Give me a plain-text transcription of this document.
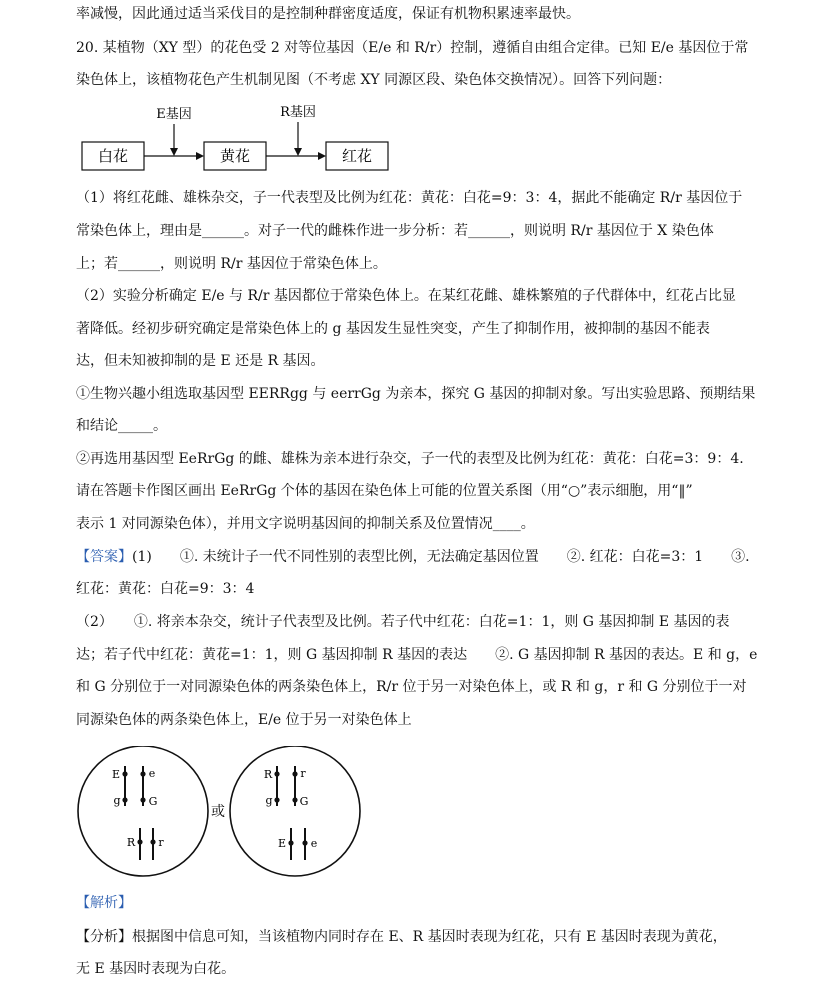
率减慢，因此通过适当采伐目的是控制种群密度适度，保证有机物积累速率最快。
20. 某植物（XY 型）的花色受 2 对等位基因（E/e 和 R/r）控制，遵循自由组合定律。已知 E/e 基因位于常
染色体上，该植物花色产生机制见图（不考虑 XY 同源区段、染色体交换情况）。回答下列问题：
E基因	R基因
白花	黄花	红花
（1）将红花雌、雄株杂交，子一代表型及比例为红花：黄花：白花=9：3：4，据此不能确定 R/r 基因位于
常染色体上，理由是______。对子一代的雌株作进一步分析：若______，则说明 R/r 基因位于 X 染色体
上；若______，则说明 R/r 基因位于常染色体上。
（2）实验分析确定 E/e 与 R/r 基因都位于常染色体上。在某红花雌、雄株繁殖的子代群体中，红花占比显
著降低。经初步研究确定是常染色体上的 g 基因发生显性突变，产生了抑制作用，被抑制的基因不能表
达，但未知被抑制的是 E 还是 R 基因。
①生物兴趣小组选取基因型 EERRgg 与 eerrGg 为亲本，探究 G 基因的抑制对象。写出实验思路、预期结果
和结论_____。
②再选用基因型 EeRrGg 的雌、雄株为亲本进行杂交，子一代的表型及比例为红花：黄花：白花=3：9：4.
请在答题卡作图区画出 EeRrGg 个体的基因在染色体上可能的位置关系图（用“○”表示细胞，用“‖”
表示 1 对同源染色体），并用文字说明基因间的抑制关系及位置情况____。
【答案】(1)　　①. 未统计子一代不同性别的表型比例，无法确定基因位置　　②. 红花：白花=3：1　　③.
红花：黄花：白花=9：3：4
（2）　　①. 将亲本杂交，统计子代表型及比例。若子代中红花：白花=1：1，则 G 基因抑制 E 基因的表
达；若子代中红花：黄花=1：1，则 G 基因抑制 R 基因的表达　　②. G 基因抑制 R 基因的表达。E 和 g，e
和 G 分别位于一对同源染色体的两条染色体上，R/r 位于另一对染色体上，或 R 和 g，r 和 G 分别位于一对
同源染色体的两条染色体上，E/e 位于另一对染色体上
E	e
g	G
R r
或
R	r
g G
E e
【解析】
【分析】根据图中信息可知，当该植物内同时存在 E、R 基因时表现为红花，只有 E 基因时表现为黄花，
无 E 基因时表现为白花。
